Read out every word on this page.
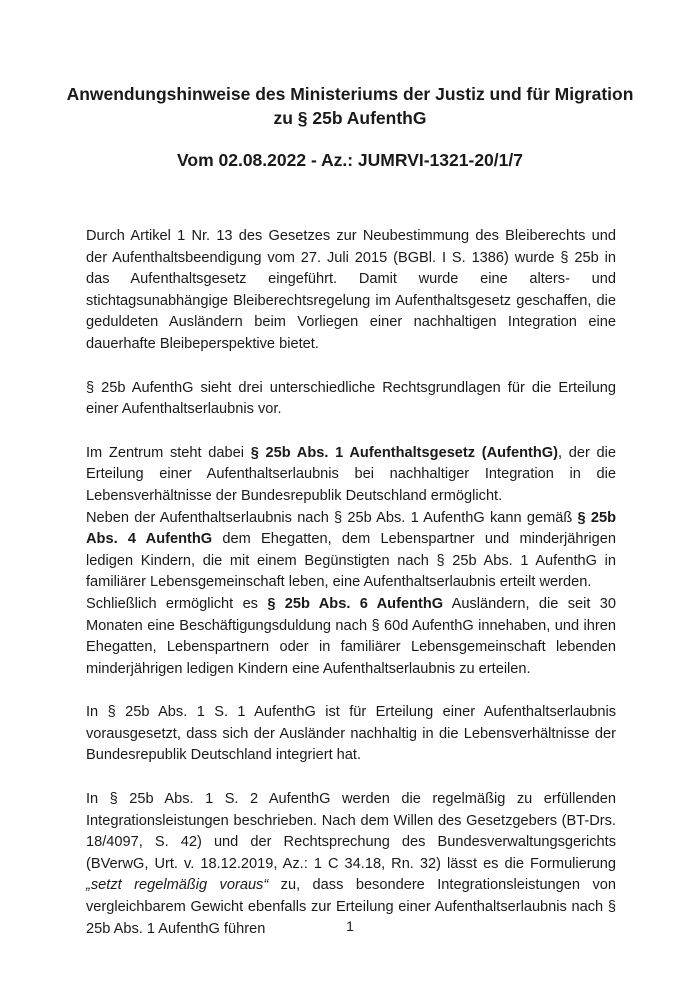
Anwendungshinweise des Ministeriums der Justiz und für Migration
zu § 25b AufenthG
Vom 02.08.2022 - Az.: JUMRVI-1321-20/1/7

Durch Artikel 1 Nr. 13 des Gesetzes zur Neubestimmung des Bleiberechts und der Aufenthaltsbeendigung vom 27. Juli 2015 (BGBl. I S. 1386) wurde § 25b in das Aufenthaltsgesetz eingeführt. Damit wurde eine alters- und stichtagsunabhängige Bleiberechtsregelung im Aufenthaltsgesetz geschaffen, die geduldeten Ausländern beim Vorliegen einer nachhaltigen Integration eine dauerhafte Bleibeperspektive bietet.

§ 25b AufenthG sieht drei unterschiedliche Rechtsgrundlagen für die Erteilung einer Aufenthaltserlaubnis vor.

Im Zentrum steht dabei § 25b Abs. 1 Aufenthaltsgesetz (AufenthG), der die Erteilung einer Aufenthaltserlaubnis bei nachhaltiger Integration in die Lebensverhältnisse der Bundesrepublik Deutschland ermöglicht.

Neben der Aufenthaltserlaubnis nach § 25b Abs. 1 AufenthG kann gemäß § 25b Abs. 4 AufenthG dem Ehegatten, dem Lebenspartner und minderjährigen ledigen Kindern, die mit einem Begünstigten nach § 25b Abs. 1 AufenthG in familiärer Lebensgemeinschaft leben, eine Aufenthaltserlaubnis erteilt werden.

Schließlich ermöglicht es § 25b Abs. 6 AufenthG Ausländern, die seit 30 Monaten eine Beschäftigungsduldung nach § 60d AufenthG innehaben, und ihren Ehegatten, Lebenspartnern oder in familiärer Lebensgemeinschaft lebenden minderjährigen ledigen Kindern eine Aufenthaltserlaubnis zu erteilen.

In § 25b Abs. 1 S. 1 AufenthG ist für Erteilung einer Aufenthaltserlaubnis vorausgesetzt, dass sich der Ausländer nachhaltig in die Lebensverhältnisse der Bundesrepublik Deutschland integriert hat.

In § 25b Abs. 1 S. 2 AufenthG werden die regelmäßig zu erfüllenden Integrationsleistungen beschrieben. Nach dem Willen des Gesetzgebers (BT-Drs. 18/4097, S. 42) und der Rechtsprechung des Bundesverwaltungsgerichts (BVerwG, Urt. v. 18.12.2019, Az.: 1 C 34.18, Rn. 32) lässt es die Formulierung „setzt regelmäßig voraus“ zu, dass besondere Integrationsleistungen von vergleichbarem Gewicht ebenfalls zur Erteilung einer Aufenthaltserlaubnis nach § 25b Abs. 1 AufenthG führen	1
